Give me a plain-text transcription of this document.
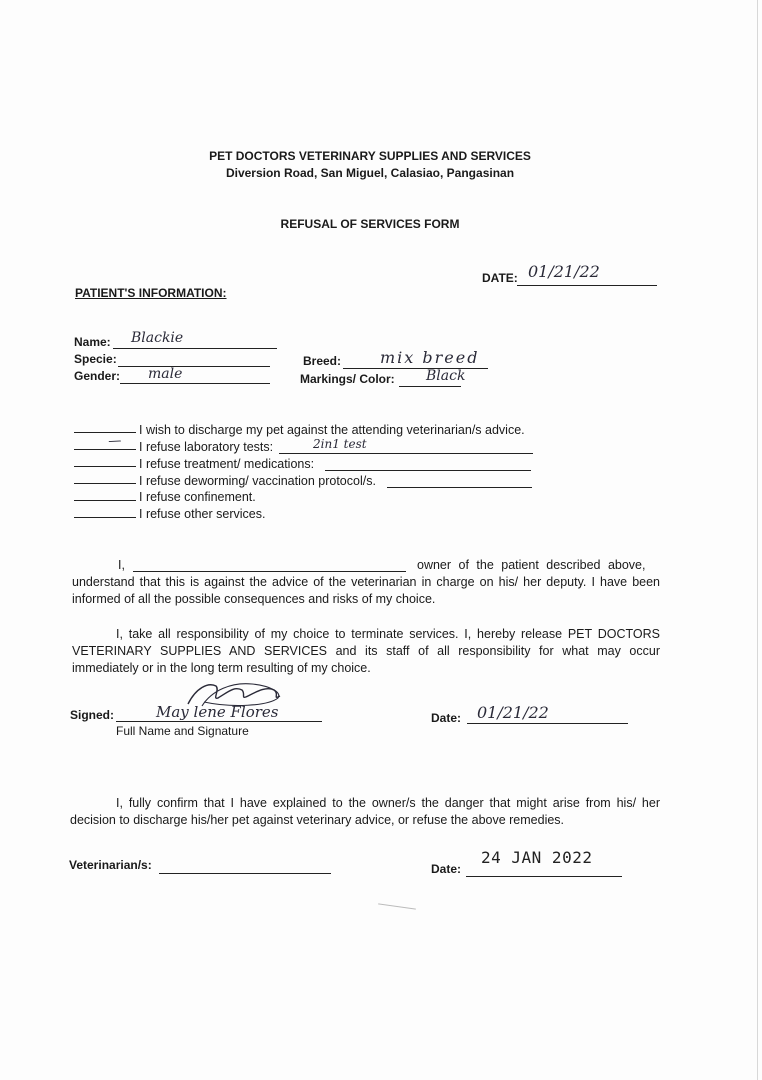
PET DOCTORS VETERINARY SUPPLIES AND SERVICES
Diversion Road, San Miguel, Calasiao, Pangasinan
REFUSAL OF SERVICES FORM
DATE: 01/21/22
PATIENT'S INFORMATION:
Name: Blackie
Specie:
Gender: male
Breed: mix breed
Markings/ Color: Black
I wish to discharge my pet against the attending veterinarian/s advice.
/ I refuse laboratory tests:	2in1 test
I refuse treatment/ medications:
I refuse deworming/ vaccination protocol/s.
I refuse confinement.
I refuse other services.
I,	owner of the patient described above,
understand that this is against the advice of the veterinarian in charge on his/ her deputy. I have been informed of all the possible consequences and risks of my choice.
I, take all responsibility of my choice to terminate services. I, hereby release PET DOCTORS VETERINARY SUPPLIES AND SERVICES and its staff of all responsibility for what may occur immediately or in the long term resulting of my choice.
Signed:	May lene Flores
Full Name and Signature
Date: 01/21/22
I, fully confirm that I have explained to the owner/s the danger that might arise from his/ her decision to discharge his/her pet against veterinary advice, or refuse the above remedies.
Veterinarian/s:	Date:
24 JAN 2022
